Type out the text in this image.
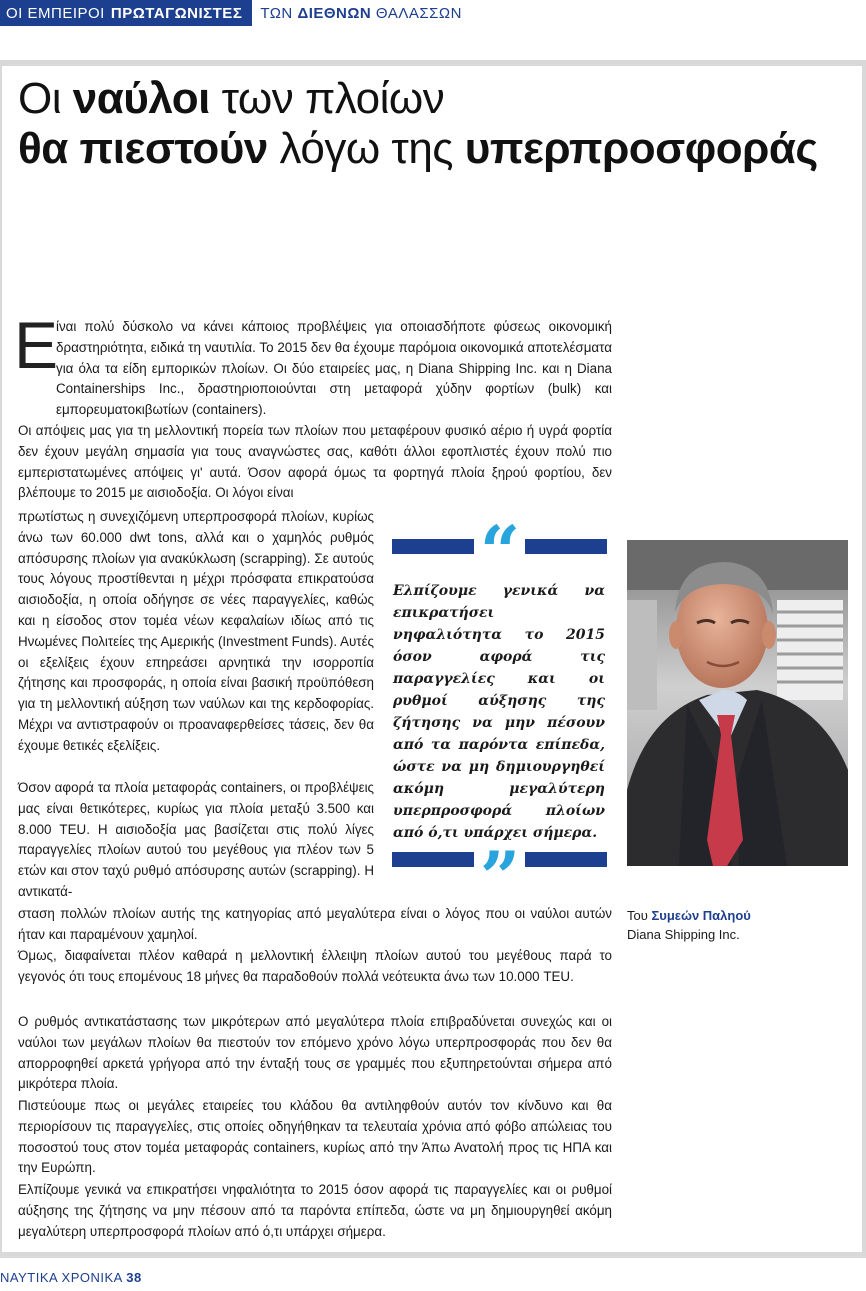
ΟΙ ΕΜΠΕΙΡΟΙ ΠΡΩΤΑΓΩΝΙΣΤΕΣ	ΤΩΝ ΔΙΕΘΝΩΝ ΘΑΛΑΣΣΩΝ
Οι ναύλοι των πλοίων
θα πιεστούν λόγω της υπερπροσφοράς
Ε

ίναι πολύ δύσκολο να κάνει κάποιος προβλέψεις για οποιασδήποτε φύσεως οικονομική δραστηριότητα, ειδικά τη ναυτιλία. Το 2015 δεν θα έχουμε παρόμοια οικονομικά αποτελέσματα για όλα τα είδη εμπορικών πλοίων. Οι δύο εταιρείες μας, η Diana Shipping Inc. και η Diana Containerships Inc., δραστηριοποιούνται στη μεταφορά χύδην φορτίων (bulk) και εμπορευματοκιβωτίων (containers).

Οι απόψεις μας για τη μελλοντική πορεία των πλοίων που μεταφέρουν φυσικό αέριο ή υγρά φορτία δεν έχουν μεγάλη σημασία για τους αναγνώστες σας, καθότι άλλοι εφοπλιστές έχουν πολύ πιο εμπεριστατωμένες απόψεις γι' αυτά. Όσον αφορά όμως τα φορτηγά πλοία ξηρού φορτίου, δεν βλέπουμε το 2015 με αισιοδοξία. Οι λόγοι είναι

πρωτίστως η συνεχιζόμενη υπερπροσφορά πλοίων, κυρίως άνω των 60.000 dwt tons, αλλά και ο χαμηλός ρυθμός απόσυρσης πλοίων για ανακύκλωση (scrapping). Σε αυτούς τους λόγους προστίθενται η μέχρι πρόσφατα επικρατούσα αισιοδοξία, η οποία οδήγησε σε νέες παραγγελίες, καθώς και η είσοδος στον τομέα νέων κεφαλαίων ιδίως από τις Ηνωμένες Πολιτείες της Αμερικής (Investment Funds). Αυτές οι εξελίξεις έχουν επηρεάσει αρνητικά την ισορροπία ζήτησης και προσφοράς, η οποία είναι βασική προϋπόθεση για τη μελλοντική αύξηση των ναύλων και της κερδοφορίας. Μέχρι να αντιστραφούν οι προαναφερθείσες τάσεις, δεν θα έχουμε θετικές εξελίξεις.

Όσον αφορά τα πλοία μεταφοράς containers, οι προβλέψεις μας είναι θετικότερες, κυρίως για πλοία μεταξύ 3.500 και 8.000 TEU. Η αισιοδοξία μας βασίζεται στις πολύ λίγες παραγγελίες πλοίων αυτού του μεγέθους για πλέον των 5 ετών και στον ταχύ ρυθμό απόσυρσης αυτών (scrapping). Η αντικατά-

σταση πολλών πλοίων αυτής της κατηγορίας από μεγαλύτερα είναι ο λόγος που οι ναύλοι αυτών ήταν και παραμένουν χαμηλοί.

Όμως, διαφαίνεται πλέον καθαρά η μελλοντική έλλειψη πλοίων αυτού του μεγέθους παρά το γεγονός ότι τους επομένους 18 μήνες θα παραδοθούν πολλά νεότευκτα άνω των 10.000 TEU.

Ο ρυθμός αντικατάστασης των μικρότερων από μεγαλύτερα πλοία επιβραδύνεται συνεχώς και οι ναύλοι των μεγάλων πλοίων θα πιεστούν τον επόμενο χρόνο λόγω υπερπροσφοράς που δεν θα απορροφηθεί αρκετά γρήγορα από την ένταξή τους σε γραμμές που εξυπηρετούνται σήμερα από μικρότερα πλοία.

Πιστεύουμε πως οι μεγάλες εταιρείες του κλάδου θα αντιληφθούν αυτόν τον κίνδυνο και θα περιορίσουν τις παραγγελίες, στις οποίες οδηγήθηκαν τα τελευταία χρόνια από φόβο απώλειας του ποσοστού τους στον τομέα μεταφοράς containers, κυρίως από την Άπω Ανατολή προς τις ΗΠΑ και την Ευρώπη.

Ελπίζουμε γενικά να επικρατήσει νηφαλιότητα το 2015 όσον αφορά τις παραγγελίες και οι ρυθμοί αύξησης της ζήτησης να μην πέσουν από τα παρόντα επίπεδα, ώστε να μη δημιουργηθεί ακόμη μεγαλύτερη υπερπροσφορά πλοίων από ό,τι υπάρχει σήμερα.

“
Ελπίζουμε γενικά να επικρατήσει νηφαλιότητα το 2015 όσον αφορά τις παραγγελίες και οι ρυθμοί αύξησης της ζήτησης να μην πέσουν από τα παρόντα επίπεδα, ώστε να μη δημιουργηθεί ακόμη μεγαλύτερη υπερπροσφορά πλοίων από ό,τι υπάρχει σήμερα.
”	Του Συμεών Παληού
Diana Shipping Inc.
ΝΑΥΤΙΚΑ ΧΡΟΝΙΚΑ 38
